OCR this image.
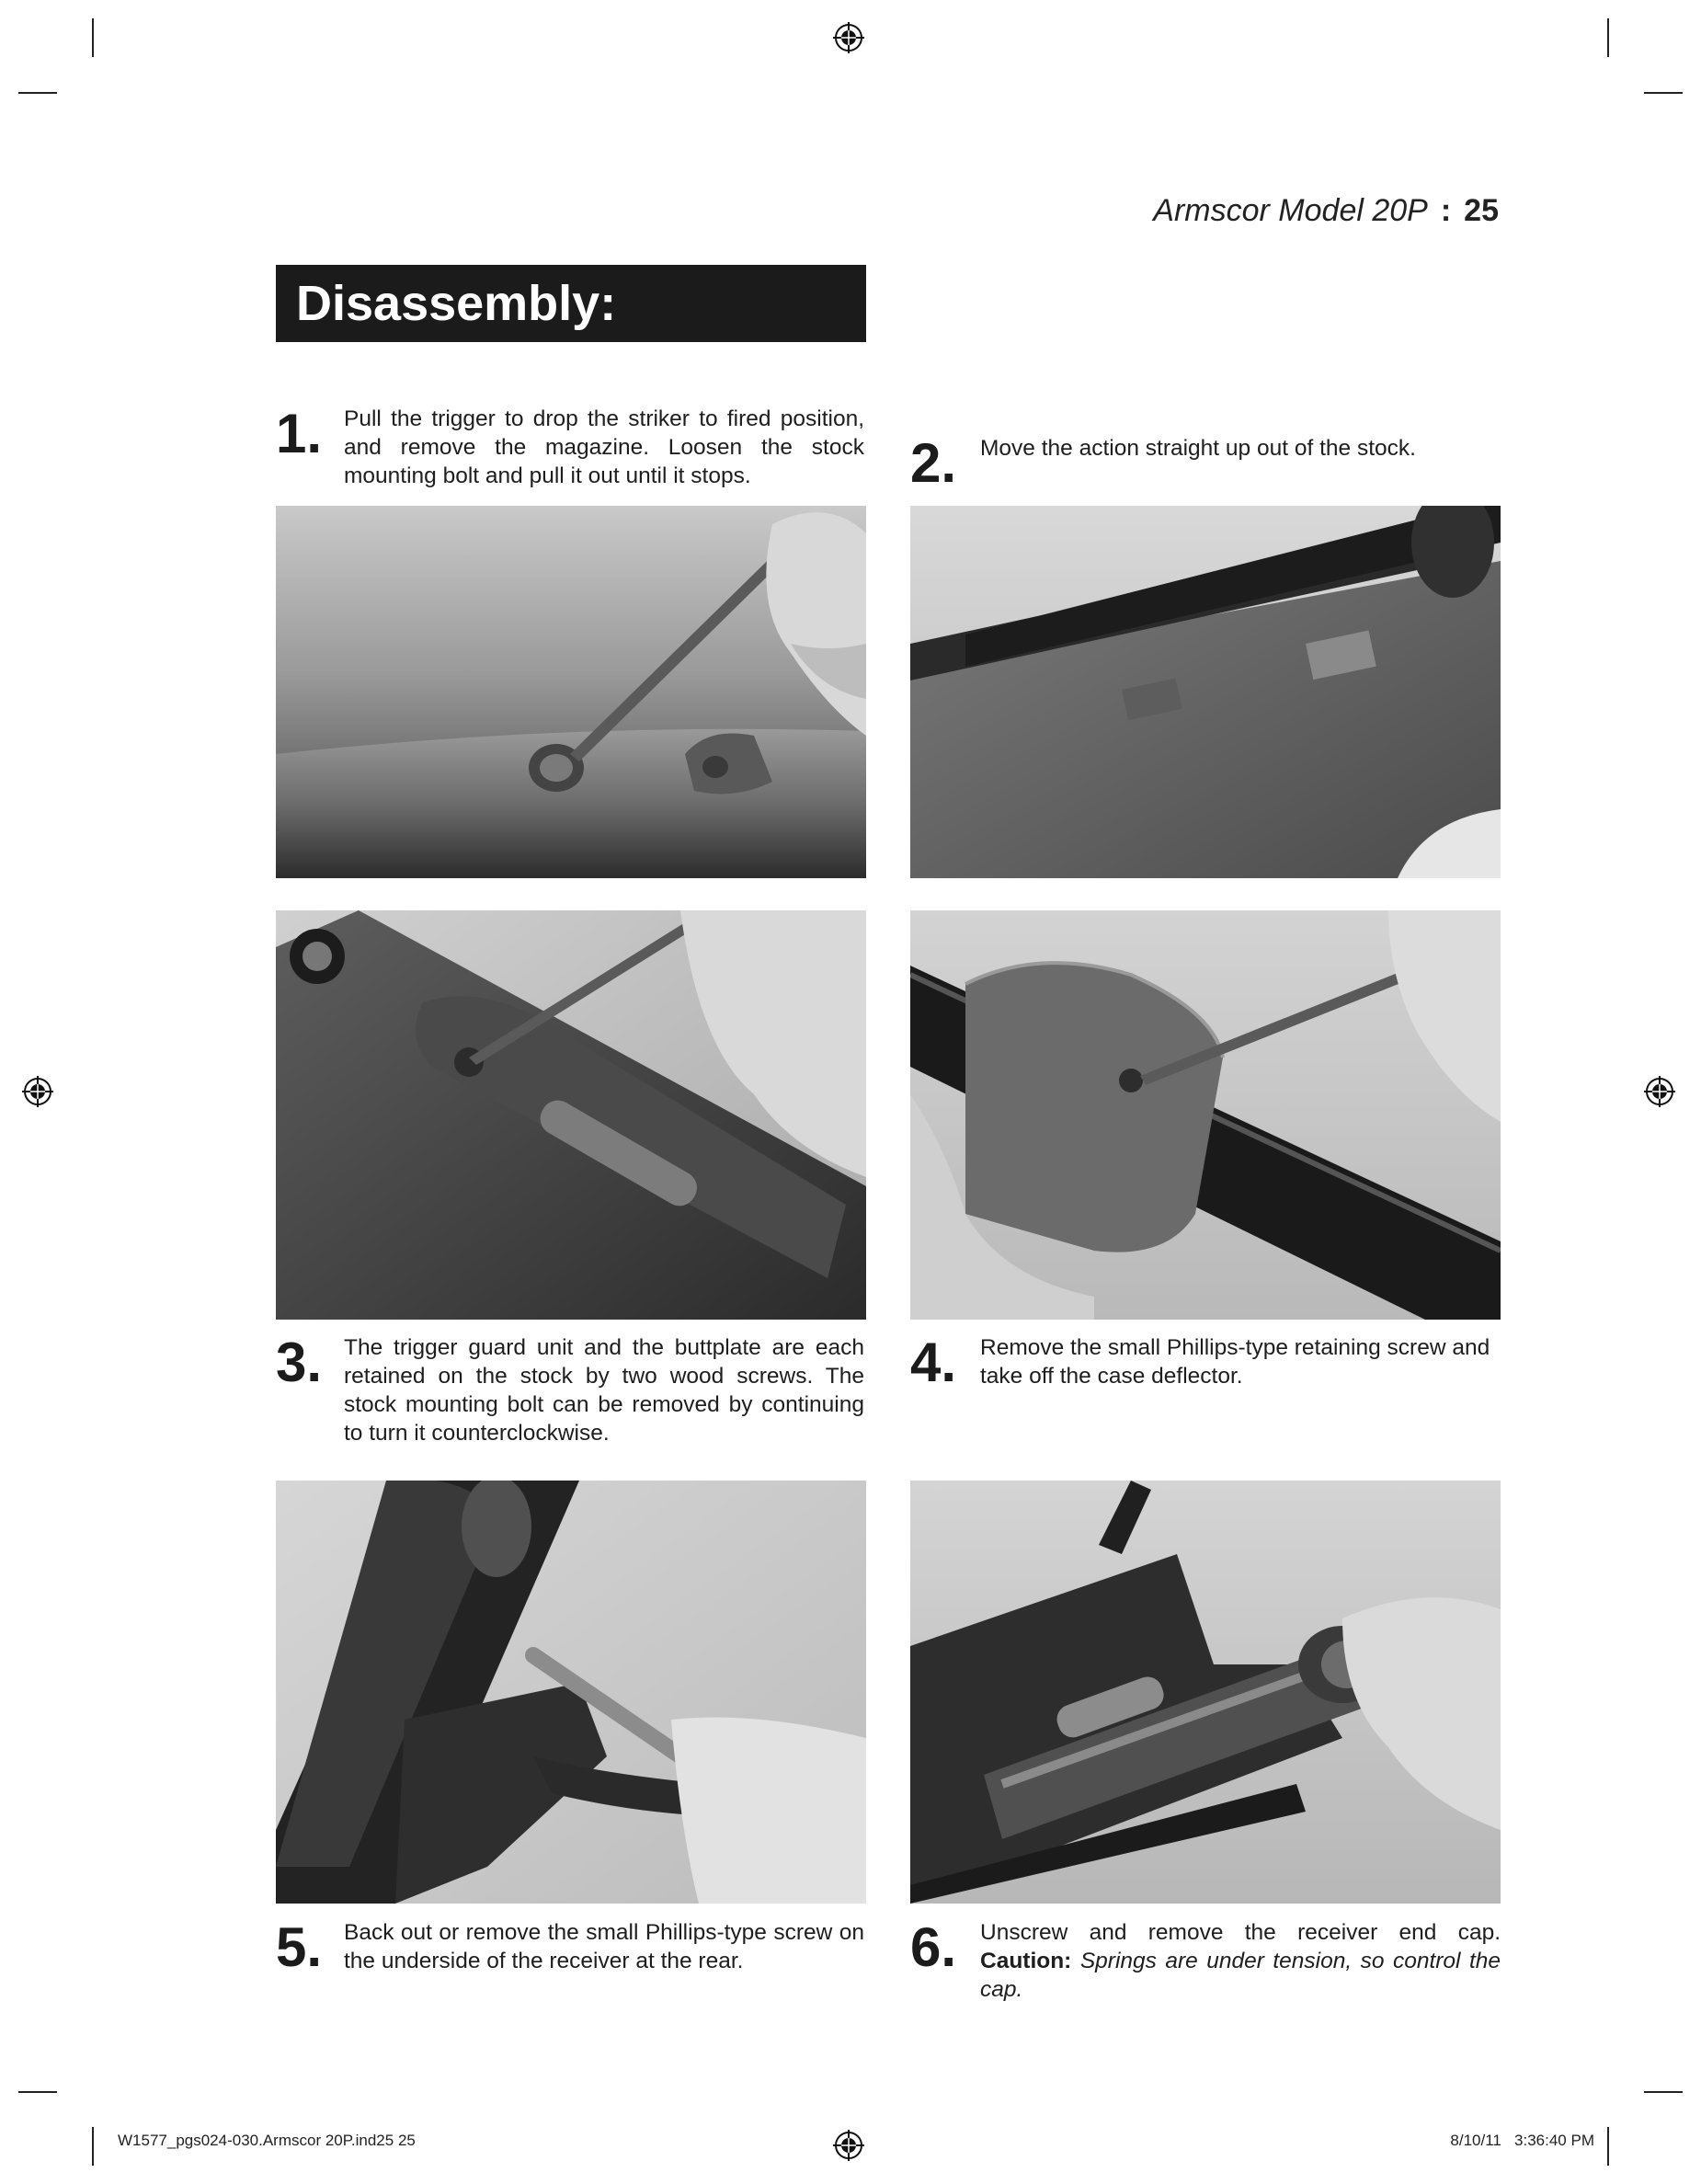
Armscor Model 20P : 25
Disassembly:
1. Pull the trigger to drop the striker to fired position, and remove the magazine. Loosen the stock mounting bolt and pull it out until it stops.	2. Move the action straight up out of the stock.
3. The trigger guard unit and the buttplate are each retained on the stock by two wood screws. The stock mounting bolt can be removed by continuing to turn it counterclockwise.
4. Remove the small Phillips-type retaining screw and take off the case deflector.
5. Back out or remove the small Phillips-type screw on the underside of the receiver at the rear.	6. Unscrew and remove the receiver end cap. Caution: Springs are under tension, so control the cap.
W1577_pgs024-030.Armscor 20P.ind25 25	8/10/11 3:36:40 PM
